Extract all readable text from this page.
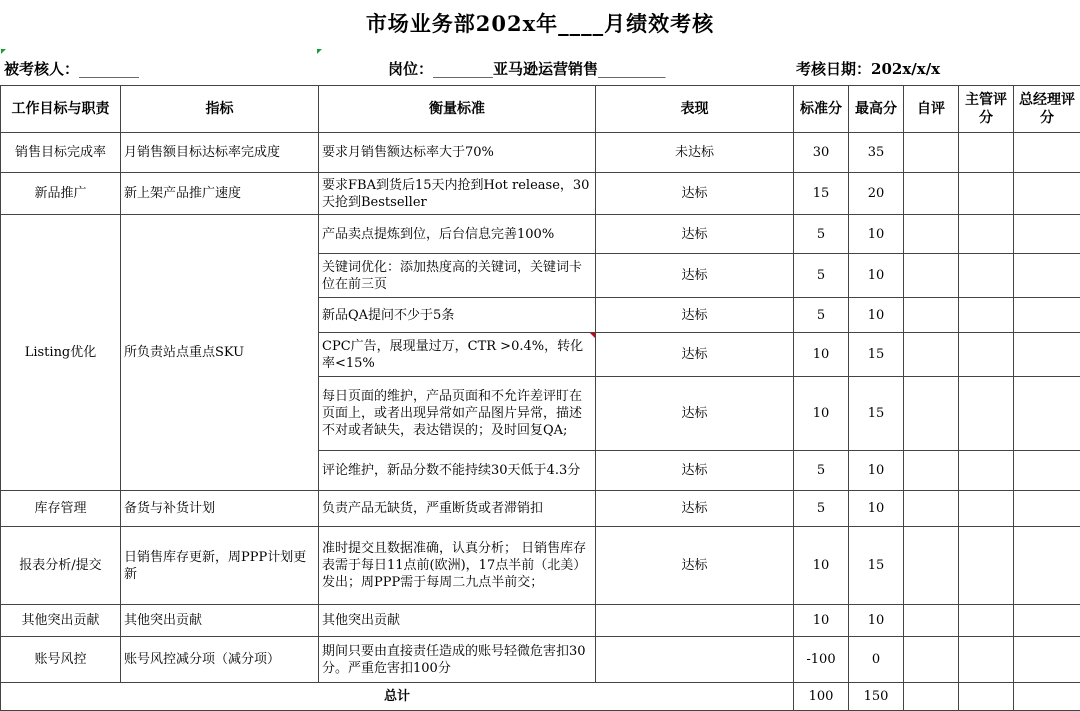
市场业务部202x年____月绩效考核
被考核人：________	岗位：________亚马逊运营销售_________	考核日期：202x/x/x
工作目标与职责	指标	衡量标准	表现	标准分	最高分	自评	主管评分	总经理评分
销售目标完成率	月销售额目标达标率完成度	要求月销售额达标率大于70%	未达标	30	35			
新品推广	新上架产品推广速度	要求FBA到货后15天内抢到Hot release，30天抢到Bestseller	达标	15	20			
Listing优化	所负责站点重点SKU	产品卖点提炼到位，后台信息完善100%	达标	5	10			
		关键词优化：添加热度高的关键词，关键词卡位在前三页	达标	5	10			
		新品QA提问不少于5条	达标	5	10			
		CPC广告，展现量过万，CTR >0.4%，转化率<15%	达标	10	15			
		每日页面的维护，产品页面和不允许差评盯在页面上，或者出现异常如产品图片异常，描述不对或者缺失，表达错误的；及时回复QA;	达标	10	15			
		评论维护，新品分数不能持续30天低于4.3分	达标	5	10			
库存管理	备货与补货计划	负责产品无缺货，严重断货或者滞销扣	达标	5	10			
报表分析/提交	日销售库存更新，周PPP计划更新	准时提交且数据准确，认真分析； 日销售库存表需于每日11点前(欧洲)，17点半前（北美）发出；周PPP需于每周二九点半前交；	达标	10	15			
其他突出贡献	其他突出贡献	其他突出贡献		10	10			
账号风控	账号风控减分项（减分项）	期间只要由直接责任造成的账号轻微危害扣30分。严重危害扣100分		-100	0			
总计				100	150			
